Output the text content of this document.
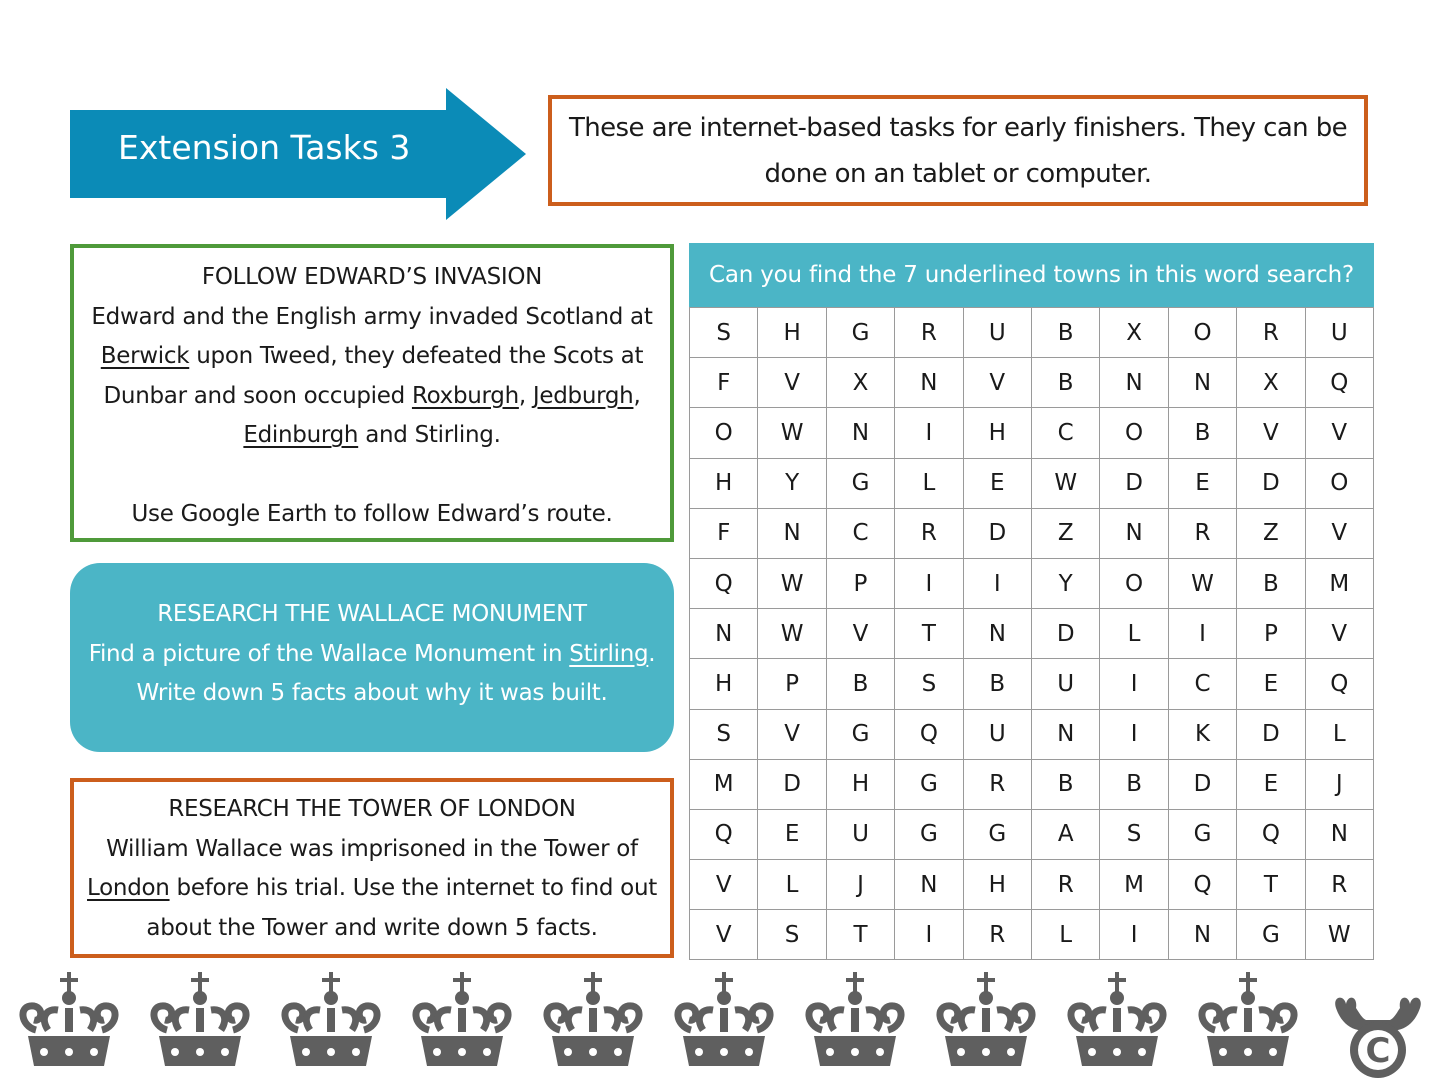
Extension Tasks 3
These are internet-based tasks for early finishers. They can be done on an tablet or computer.

FOLLOW EDWARD’S INVASION

Edward and the English army invaded Scotland at Berwick upon Tweed, they defeated the Scots at Dunbar and soon occupied Roxburgh, Jedburgh, Edinburgh and Stirling.

Use Google Earth to follow Edward’s route.

RESEARCH THE WALLACE MONUMENT

Find a picture of the Wallace Monument in Stirling.

Write down 5 facts about why it was built.

RESEARCH THE TOWER OF LONDON

William Wallace was imprisoned in the Tower of London before his trial. Use the internet to find out about the Tower and write down 5 facts.

Can you find the 7 underlined towns in this word search?
S	H	G	R	U	B	X	O	R	U
F	V	X	N	V	B	N	N	X	Q
O	W	N	I	H	C	O	B	V	V
H	Y	G	L	E	W	D	E	D	O
F	N	C	R	D	Z	N	R	Z	V
Q	W	P	I	I	Y	O	W	B	M
N	W	V	T	N	D	L	I	P	V
H	P	B	S	B	U	I	C	E	Q
S	V	G	Q	U	N	I	K	D	L
M	D	H	G	R	B	B	D	E	J
Q	E	U	G	G	A	S	G	Q	N
V	L	J	N	H	R	M	Q	T	R
V	S	T	I	R	L	I	N	G	W
C
